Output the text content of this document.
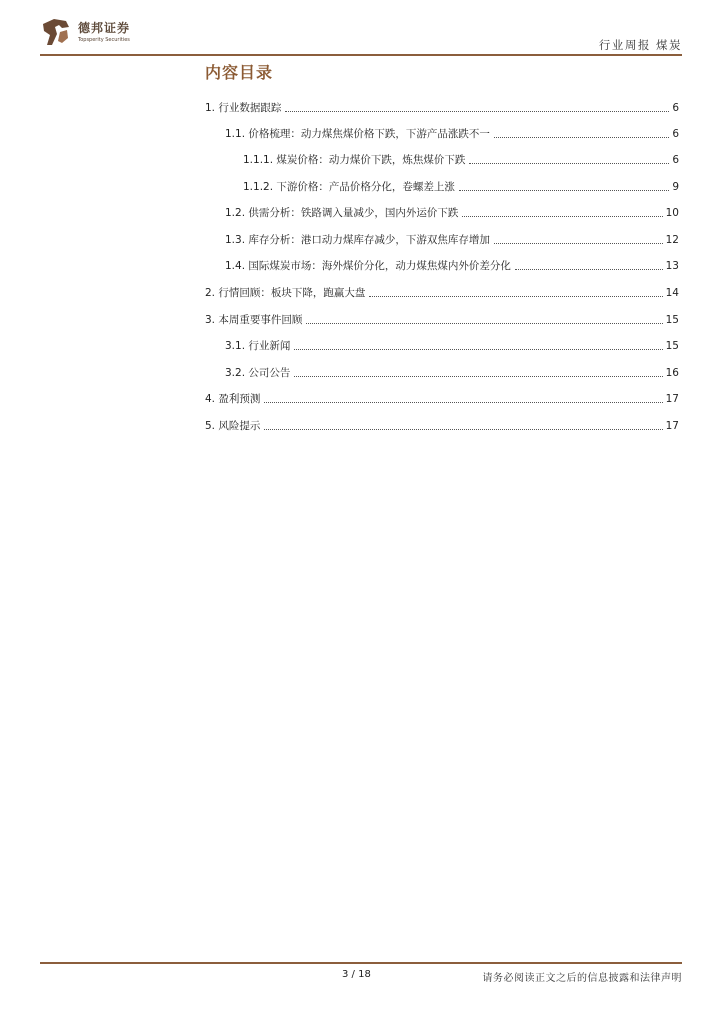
德邦证券
Topsperity Securities	行业周报 煤炭
内容目录
1. 行业数据跟踪	6
1.1. 价格梳理：动力煤焦煤价格下跌，下游产品涨跌不一	6
1.1.1. 煤炭价格：动力煤价下跌，炼焦煤价下跌	6
1.1.2. 下游价格：产品价格分化，卷螺差上涨	9
1.2. 供需分析：铁路调入量减少，国内外运价下跌	10
1.3. 库存分析：港口动力煤库存减少，下游双焦库存增加	12
1.4. 国际煤炭市场：海外煤价分化，动力煤焦煤内外价差分化	13
2. 行情回顾：板块下降，跑赢大盘	14
3. 本周重要事件回顾	15
3.1. 行业新闻	15
3.2. 公司公告	16
4. 盈利预测	17
5. 风险提示	17
3 / 18	请务必阅读正文之后的信息披露和法律声明
